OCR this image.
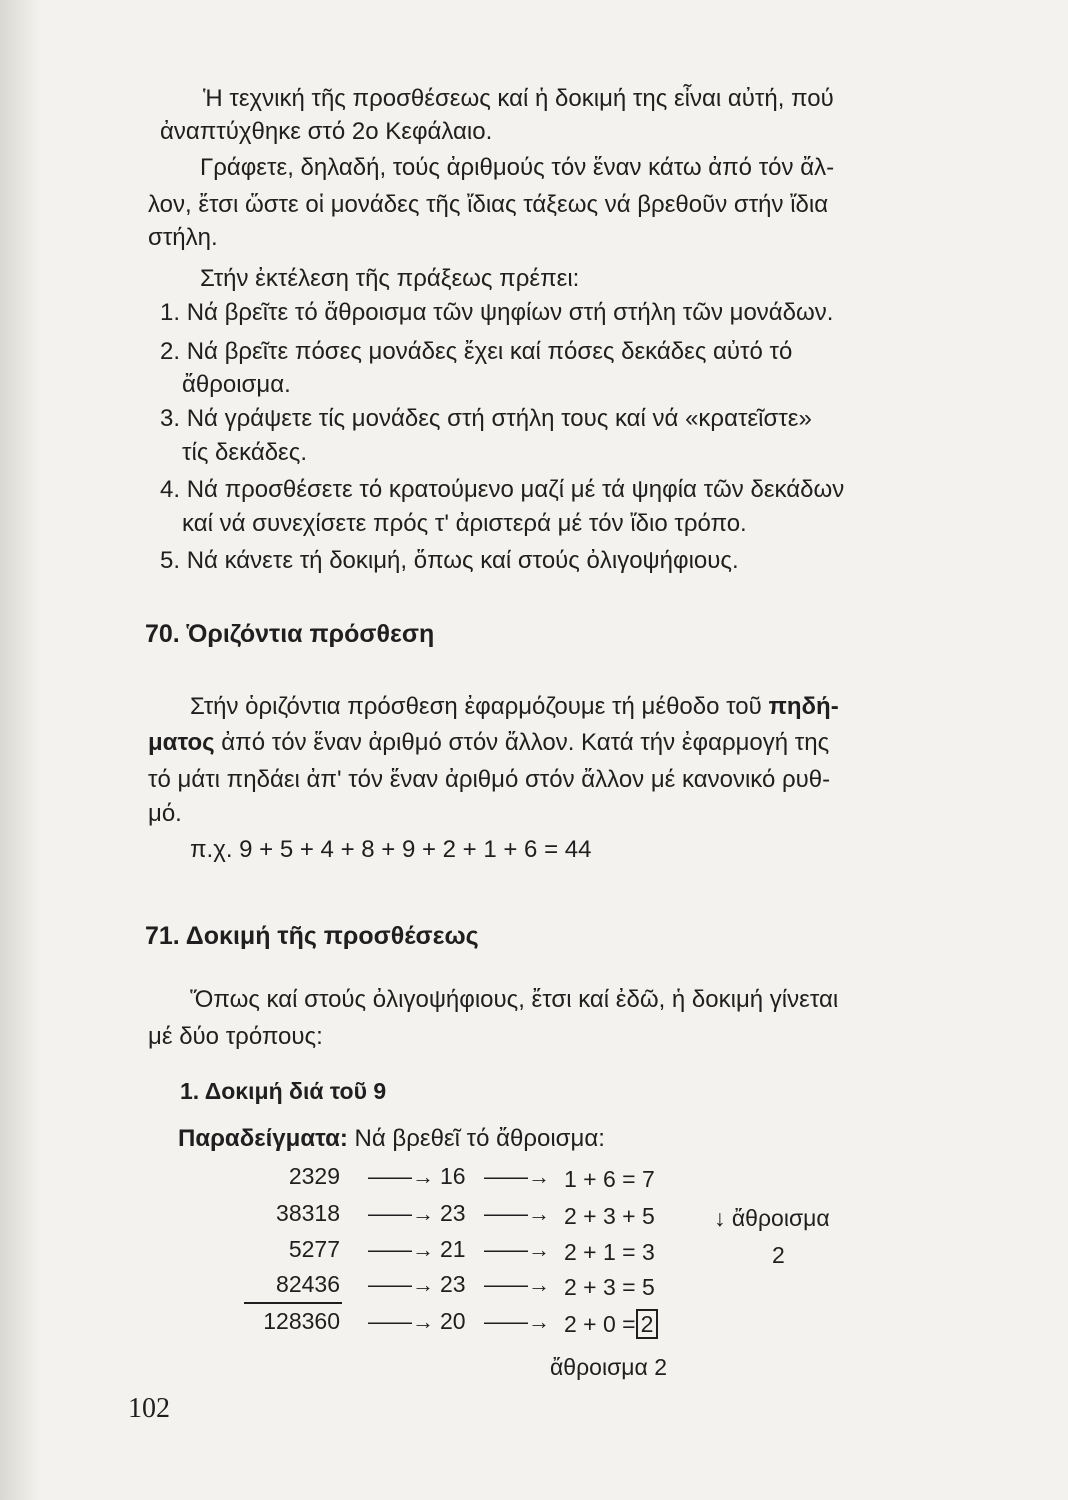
Ἡ τεχνική τῆς προσθέσεως καί ἡ δοκιμή της εἶναι αὐτή, πού
ἀναπτύχθηκε στό 2ο Κεφάλαιο.
Γράφετε, δηλαδή, τούς ἀριθμούς τόν ἕναν κάτω ἀπό τόν ἄλ-
λον, ἔτσι ὥστε οἱ μονάδες τῆς ἴδιας τάξεως νά βρεθοῦν στήν ἴδια
στήλη.
Στήν ἐκτέλεση τῆς πράξεως πρέπει:
1. Νά βρεῖτε τό ἄθροισμα τῶν ψηφίων στή στήλη τῶν μονάδων.
2. Νά βρεῖτε πόσες μονάδες ἔχει καί πόσες δεκάδες αὐτό τό
ἄθροισμα.
3. Νά γράψετε τίς μονάδες στή στήλη τους καί νά «κρατεῖστε»
τίς δεκάδες.
4. Νά προσθέσετε τό κρατούμενο μαζί μέ τά ψηφία τῶν δεκάδων
καί νά συνεχίσετε πρός τ' ἀριστερά μέ τόν ἴδιο τρόπο.
5. Νά κάνετε τή δοκιμή, ὅπως καί στούς ὀλιγοψήφιους.
70. Ὁριζόντια πρόσθεση
Στήν ὁριζόντια πρόσθεση ἐφαρμόζουμε τή μέθοδο τοῦ πηδή-
ματος ἀπό τόν ἕναν ἀριθμό στόν ἄλλον. Κατά τήν ἐφαρμογή της
τό μάτι πηδάει ἀπ' τόν ἕναν ἀριθμό στόν ἄλλον μέ κανονικό ρυθ-
μό.
π.χ. 9 + 5 + 4 + 8 + 9 + 2 + 1 + 6 = 44
71. Δοκιμή τῆς προσθέσεως
Ὅπως καί στούς ὀλιγοψήφιους, ἔτσι καί ἐδῶ, ἡ δοκιμή γίνεται
μέ δύο τρόπους:
1. Δοκιμή διά τοῦ 9
Παραδείγματα: Νά βρεθεῖ τό ἄθροισμα:
2329
38318
5277
82436
128360
——→
——→
——→
——→
——→
16
23
21
23
20
——→
——→
——→
——→
——→
1 + 6 = 7
2 + 3 + 5
2 + 1 = 3
2 + 3 = 5
2 + 0 = 2
↓ ἄθροισμα
2
ἄθροισμα 2
102
